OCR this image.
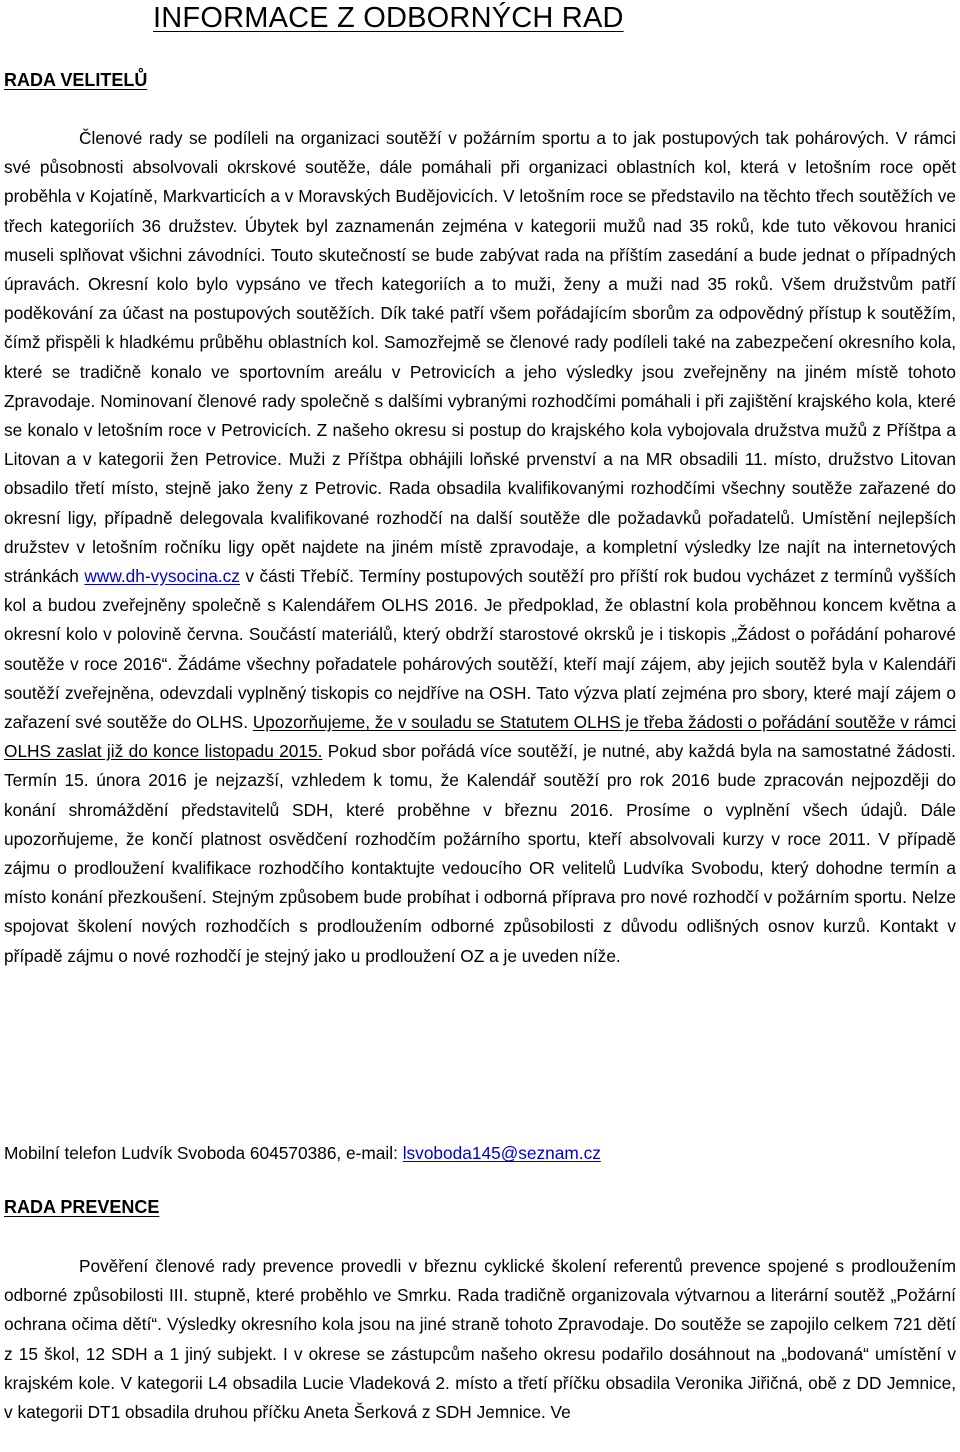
INFORMACE Z ODBORNÝCH RAD
RADA VELITELŮ

Členové rady se podíleli na organizaci soutěží v požárním sportu a to jak postupových tak pohárových. V rámci své působnosti absolvovali okrskové soutěže, dále pomáhali při organizaci oblastních kol, která v letošním roce opět proběhla v Kojatíně, Markvarticích a v Moravských Budějovicích. V letošním roce se představilo na těchto třech soutěžích ve třech kategoriích 36 družstev. Úbytek byl zaznamenán zejména v kategorii mužů nad 35 roků, kde tuto věkovou hranici museli splňovat všichni závodníci. Touto skutečností se bude zabývat rada na příštím zasedání a bude jednat o případných úpravách. Okresní kolo bylo vypsáno ve třech kategoriích a to muži, ženy a muži nad 35 roků. Všem družstvům patří poděkování za účast na postupových soutěžích. Dík také patří všem pořádajícím sborům za odpovědný přístup k soutěžím, čímž přispěli k hladkému průběhu oblastních kol. Samozřejmě se členové rady podíleli také na zabezpečení okresního kola, které se tradičně konalo ve sportovním areálu v Petrovicích a jeho výsledky jsou zveřejněny na jiném místě tohoto Zpravodaje. Nominovaní členové rady společně s dalšími vybranými rozhodčími pomáhali i při zajištění krajského kola, které se konalo v letošním roce v Petrovicích. Z našeho okresu si postup do krajského kola vybojovala družstva mužů z Příštpa a Litovan a v kategorii žen Petrovice. Muži z Příštpa obhájili loňské prvenství a na MR obsadili 11. místo, družstvo Litovan obsadilo třetí místo, stejně jako ženy z Petrovic. Rada obsadila kvalifikovanými rozhodčími všechny soutěže zařazené do okresní ligy, případně delegovala kvalifikované rozhodčí na další soutěže dle požadavků pořadatelů. Umístění nejlepších družstev v letošním ročníku ligy opět najdete na jiném místě zpravodaje, a kompletní výsledky lze najít na internetových stránkách www.dh-vysocina.cz v části Třebíč. Termíny postupových soutěží pro příští rok budou vycházet z termínů vyšších kol a budou zveřejněny společně s Kalendářem OLHS 2016. Je předpoklad, že oblastní kola proběhnou koncem května a okresní kolo v polovině června. Součástí materiálů, který obdrží starostové okrsků je i tiskopis „Žádost o pořádání poharové soutěže v roce 2016“. Žádáme všechny pořadatele pohárových soutěží, kteří mají zájem, aby jejich soutěž byla v Kalendáři soutěží zveřejněna, odevzdali vyplněný tiskopis co nejdříve na OSH. Tato výzva platí zejména pro sbory, které mají zájem o zařazení své soutěže do OLHS. Upozorňujeme, že v souladu se Statutem OLHS je třeba žádosti o pořádání soutěže v rámci OLHS zaslat již do konce listopadu 2015. Pokud sbor pořádá více soutěží, je nutné, aby každá byla na samostatné žádosti. Termín 15. února 2016 je nejzazší, vzhledem k tomu, že Kalendář soutěží pro rok 2016 bude zpracován nejpozději do konání shromáždění představitelů SDH, které proběhne v březnu 2016. Prosíme o vyplnění všech údajů. Dále upozorňujeme, že končí platnost osvědčení rozhodčím požárního sportu, kteří absolvovali kurzy v roce 2011. V případě zájmu o prodloužení kvalifikace rozhodčího kontaktujte vedoucího OR velitelů Ludvíka Svobodu, který dohodne termín a místo konání přezkoušení. Stejným způsobem bude probíhat i odborná příprava pro nové rozhodčí v požárním sportu. Nelze spojovat školení nových rozhodčích s prodloužením odborné způsobilosti z důvodu odlišných osnov kurzů. Kontakt v případě zájmu o nové rozhodčí je stejný jako u prodloužení OZ a je uveden níže.

Mobilní telefon Ludvík Svoboda 604570386, e-mail: lsvoboda145@seznam.cz

RADA PREVENCE

Pověření členové rady prevence provedli v březnu cyklické školení referentů prevence spojené s prodloužením odborné způsobilosti III. stupně, které proběhlo ve Smrku. Rada tradičně organizovala výtvarnou a literární soutěž „Požární ochrana očima dětí“. Výsledky okresního kola jsou na jiné straně tohoto Zpravodaje. Do soutěže se zapojilo celkem 721 dětí z 15 škol, 12 SDH a 1 jiný subjekt. I v okrese se zástupcům našeho okresu podařilo dosáhnout na „bodovaná“ umístění v krajském kole. V kategorii L4 obsadila Lucie Vladeková 2. místo a třetí příčku obsadila Veronika Jiřičná, obě z DD Jemnice, v kategorii DT1 obsadila druhou příčku Aneta Šerková z SDH Jemnice. Ve
